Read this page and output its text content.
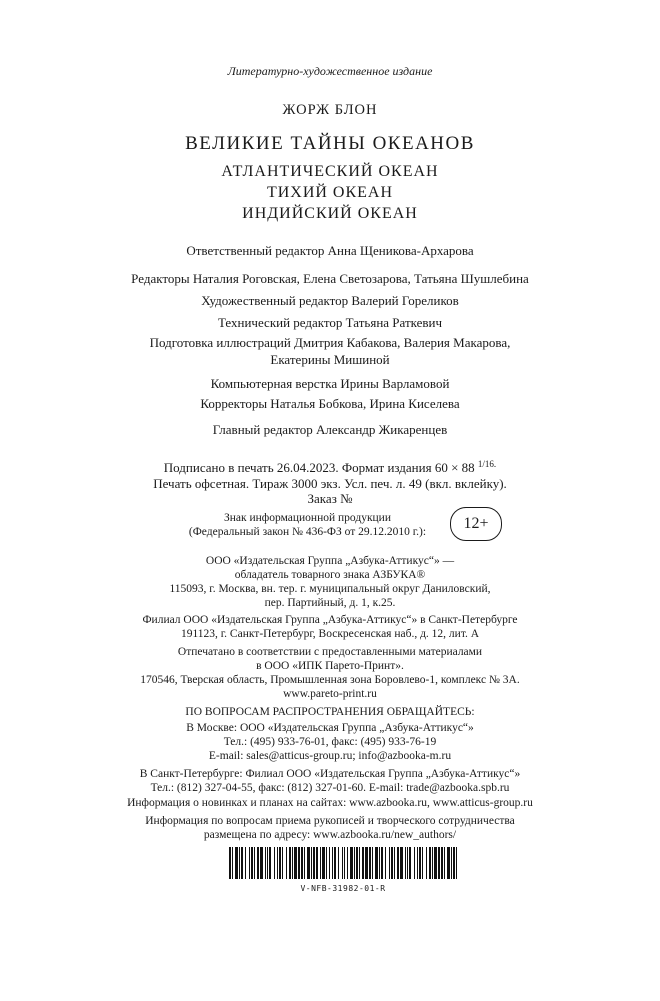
Литературно-художественное издание
ЖОРЖ БЛОН
ВЕЛИКИЕ ТАЙНЫ ОКЕАНОВ
АТЛАНТИЧЕСКИЙ ОКЕАН
ТИХИЙ ОКЕАН
ИНДИЙСКИЙ ОКЕАН
Ответственный редактор Анна Щеникова-Архарова
Редакторы Наталия Роговская, Елена Светозарова, Татьяна Шушлебина
Художественный редактор Валерий Гореликов
Технический редактор Татьяна Раткевич
Подготовка иллюстраций Дмитрия Кабакова, Валерия Макарова,
Екатерины Мишиной
Компьютерная верстка Ирины Варламовой
Корректоры Наталья Бобкова, Ирина Киселева
Главный редактор Александр Жикаренцев
Подписано в печать 26.04.2023. Формат издания 60 × 88 $^{1/16.}$
Печать офсетная. Тираж 3000 экз. Усл. печ. л. 49 (вкл. вклейку).
Заказ №
Знак информационной продукции
(Федеральный закон № 436-ФЗ от 29.12.2010 г.):	12+
ООО «Издательская Группа „Азбука-Аттикус“» —
обладатель товарного знака АЗБУКА®
115093, г. Москва, вн. тер. г. муниципальный округ Даниловский,
пер. Партийный, д. 1, к.25.
Филиал ООО «Издательская Группа „Азбука-Аттикус“» в Санкт-Петербурге
191123, г. Санкт-Петербург, Воскресенская наб., д. 12, лит. А
Отпечатано в соответствии с предоставленными материалами
в ООО «ИПК Парето-Принт».
170546, Тверская область, Промышленная зона Боровлево-1, комплекс № 3А.
www.pareto-print.ru
ПО ВОПРОСАМ РАСПРОСТРАНЕНИЯ ОБРАЩАЙТЕСЬ:
В Москве: ООО «Издательская Группа „Азбука-Аттикус“»
Тел.: (495) 933-76-01, факс: (495) 933-76-19
E-mail: sales@atticus-group.ru; info@azbooka-m.ru
В Санкт-Петербурге: Филиал ООО «Издательская Группа „Азбука-Аттикус“»
Тел.: (812) 327-04-55, факс: (812) 327-01-60. E-mail: trade@azbooka.spb.ru
Информация о новинках и планах на сайтах: www.azbooka.ru, www.atticus-group.ru
Информация по вопросам приема рукописей и творческого сотрудничества
размещена по адресу: www.azbooka.ru/new_authors/
V-NFB-31982-01-R
